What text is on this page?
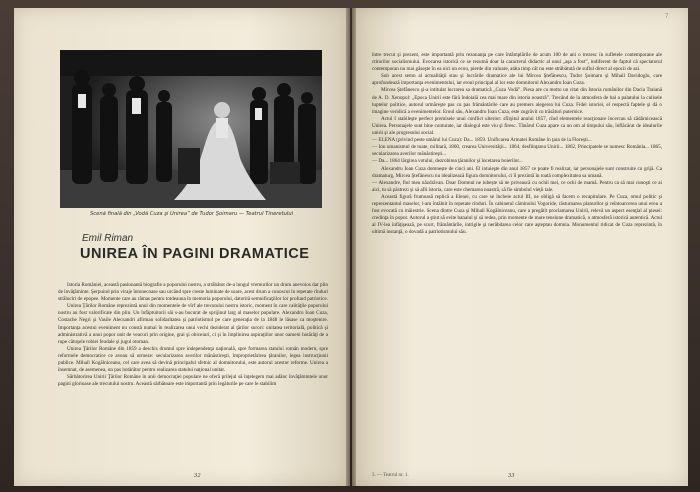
Scenă finală din „Vodă Cuza şi Unirea” de Tudor Şoimaru — Teatrul Tineretului
Emil Riman
UNIREA ÎN PAGINI DRAMATICE

Istoria României, această pasionantă biografie a poporului nostru, a străbătut de-a lungul vremurilor un drum anevoios dar plin de învăţăminte. Şerpuind prin viraje întunecoase sau urcând spre creste luminate de soare, acest drum a cunoscut în repetate rînduri străluciri de epopee. Momente care au rămas pentru totdeauna în memoria poporului, datorită semnificaţiilor lor profund patriotice.

Unirea Ţărilor Române reprezintă unul din momentele de vîrf ale trecutului nostru istoric, moment în care calităţile poporului nostru au fost valorificate din plin. Un înfăptuitorii săi s-au bucurat de sprijinul larg al maselor populare. Alexandru Ioan Cuza, Costache Negri şi Vasile Alecsandri afirmau solidaritatea şi patriotismul pe care generaţia de la 1848 le lăsase ca moştenire. Importanţa acestui eveniment nu constă numai în realizarea unui vechi deziderat al ţărilor surori: unitatea teritorială, politică şi administrativă a unui popor unit de veacuri prin origine, grai şi obiceiuri, ci şi în împlinirea aspiraţiilor unor oameni hotărâţi de a rupe cătuşele robiei feudale şi jugul otoman.

Unirea Ţărilor Române din 1859 a deschis drumul spre independenţa naţională, spre formarea statului român modern, spre reformele democratice ce aveau să urmeze: secularizarea averilor mănăstireşti, împroprietărirea ţăranilor, legea instrucţiunii publice. Mihail Kogălniceanu, cel care avea să devină principalul sfetnic al domnitorului, este autorul acestor reforme. Unirea a însemnat, de asemenea, un pas hotărâtor pentru realizarea statului naţional unitar.

Sărbătorirea Unirii Ţărilor Române în anii democraţiei populare ne oferă prilejul să înţelegem mai adânc învăţămintele unor pagini glorioase ale trecutului nostru. Această sărbătoare este importantă prin legăturile pe care le stabilim

între trecut şi prezent, este importantă prin rezonanţa pe care întâmplările de acum 100 de ani o trezesc în sufletele contemporane ale ctitorilor socialismului. Evocarea istorică ce se rezumă doar la caracterul didactic al unui „aşa a fost”, indiferent de faptul că spectatorul contemporan nu mai găseşte în ea nici un ecou, pierde din valoare, atâta timp cât nu este străbătută de suflul direct al epocii de azi.

Sub acest semn al actualităţii stau şi lucrările dramatice ale lui Mircea Ştefănescu, Tudor Şoimaru şi Mihail Davidoglu, care aprofundează importanţa evenimentului, iar eroul principal al lor este domnitorul Alexandru Ioan Cuza.

Mircea Ştefănescu şi-a intitulat lucrarea sa dramatică „Cuza Vodă”. Piesa are ca motto un citat din Istoria românilor din Dacia Traiană de A. D. Xenopol: „Epoca Unirii este fără îndoială cea mai mare din istoria noastră”. Trecând de la atmosfera de bal a palatului la culisele luptelor politice, autorul urmăreşte pas cu pas frământările care au premers alegerea lui Cuza. Fidel istoriei, el respectă faptele şi dă o imagine veridică a evenimentelor. Eroul său, Alexandru Ioan Cuza, este zugrăvit cu trăsături puternice.

Actul I stabileşte perfect premisele unui conflict ulterior: sfîrşitul anului 1857, cînd elementele reacţionare încercau să zădărnicească Unirea. Personajele sunt bine conturate, iar dialogul este viu şi firesc. Tânărul Cuza apare ca un om al timpului său, înflăcărat de idealurile unirii şi ale progresului social.

— ELENA (privind peste umărul lui Cuza): Da... 1859. Unificarea Armatei Române în ţara de la Florești...

— Ion umanismul de toate, militară, 1860, crearea Universităţii... 1864, desfiinţarea Unirii... 1862, Principatele se numesc România... 1865, secularizarea averilor mănăstireşti...

— Da... 1864 lărgirea votului, dezrobirea ţăranilor şi încetarea boierilor...

Alexandru Ioan Cuza domnește de cinci ani. El intuieşte din anul 1857 ce poate fi realizat, iar personajele sunt construite cu grijă. Ca dramaturg, Mircea Ştefănescu nu idealizează figura domnitorului, ci îl prezintă în toată complexitatea sa umană.

— Alexandre, fiul meu năzdrăvan. Doar Domnul ne iubește să ne privească cu ochii mei, ce ochi de mamă. Pentru ca să mai cunoşti ce ai aici, tu să păstrezi şi să afli istoria, care este chemarea noastră, să fie simbolul vieţii tale.

Această figură frumoasă replică a Elenei, cu care se încheie actul III, ne obligă să facem o recapitulare. Pe Cuza, omul politic şi reprezentantul maselor, l-am întâlnit în repetate rînduri. În cabinetul căminului Vogoride, răsturnarea planurilor şi reîntoarcerea unui erou a fost evocată cu măiestrie. Scena dintre Cuza şi Mihail Kogălniceanu, care a pregătit proclamarea Unirii, relevă un aspect esenţial al piesei: credinţa în popor. Autorul a ştiut să evite banalul şi să redea, prin momente de mare tensiune dramatică, o atmosferă istorică autentică. Actul al IV-lea înfăţişează, pe scurt, frământările, intrigile şi nerăbdarea celor care aşteptau domnia. Monumentul ridicat de Cuza reprezintă, în ultimă instanţă, o dovadă a patriotismului său.

32	33
3. — Teatrul nr. 1.
7
